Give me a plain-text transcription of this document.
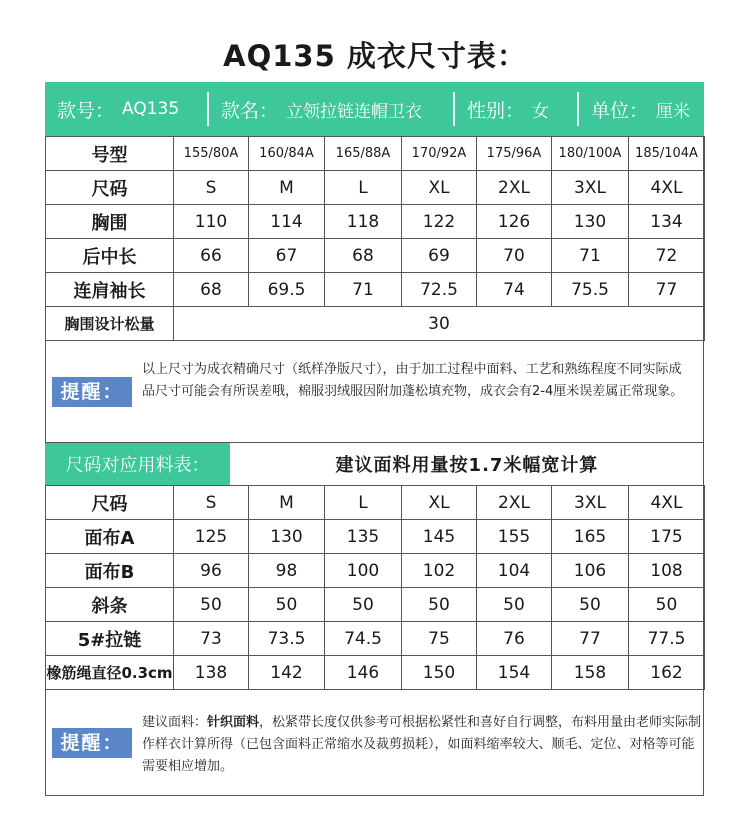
AQ135 成衣尺寸表：
款号： AQ135 款名： 立领拉链连帽卫衣 性别： 女 单位： 厘米
号型	155/80A	160/84A	165/88A	170/92A	175/96A	180/100A	185/104A
尺码	S	M	L	XL	2XL	3XL	4XL
胸围	110	114	118	122	126	130	134
后中长	66	67	68	69	70	71	72
连肩袖长	68	69.5	71	72.5	74	75.5	77
胸围设计松量	30						
提醒：
以上尺寸为成衣精确尺寸（纸样净版尺寸），由于加工过程中面料、工艺和熟练程度不同实际成品尺寸可能会有所误差哦，棉服羽绒服因附加蓬松填充物，成衣会有2-4厘米误差属正常现象。
尺码对应用料表：	建议面料用量按1.7米幅宽计算
尺码	S	M	L	XL	2XL	3XL	4XL
面布A	125	130	135	145	155	165	175
面布B	96	98	100	102	104	106	108
斜条	50	50	50	50	50	50	50
5#拉链	73	73.5	74.5	75	76	77	77.5
橡筋绳直径0.3cm	138	142	146	150	154	158	162
提醒：
建议面料：针织面料，松紧带长度仅供参考可根据松紧性和喜好自行调整，布料用量由老师实际制作样衣计算所得（已包含面料正常缩水及裁剪损耗），如面料缩率较大、顺毛、定位、对格等可能需要相应增加。
